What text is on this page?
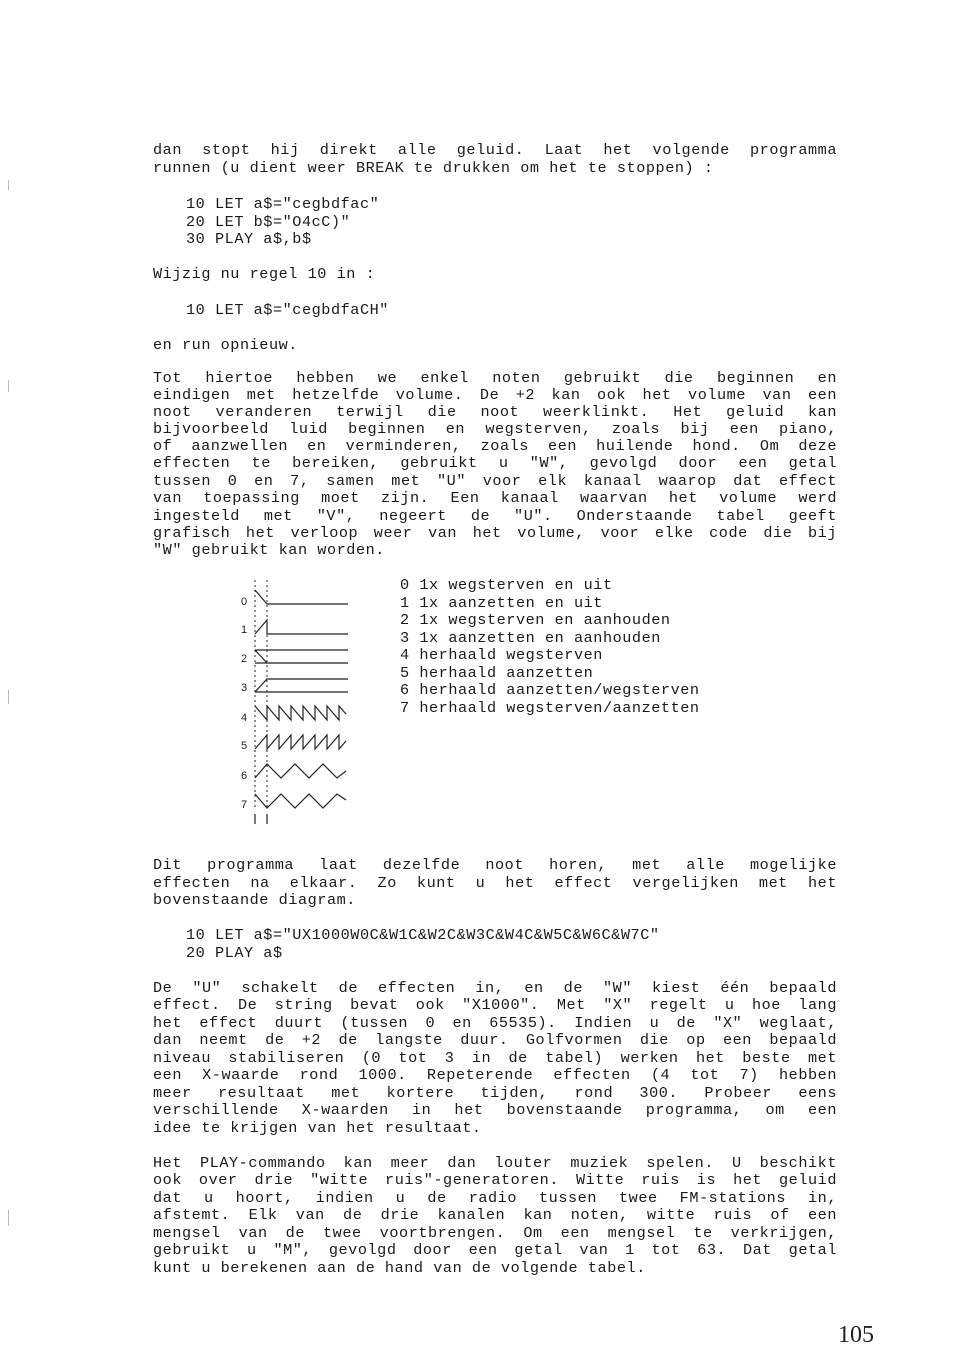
dan stopt hij direkt alle geluid. Laat het volgende programma
runnen (u dient weer BREAK te drukken om het te stoppen) :
10 LET a$="cegbdfac"
20 LET b$="O4cC)"
30 PLAY a$,b$
Wijzig nu regel 10 in :
10 LET a$="cegbdfaCH"
en run opnieuw.
Tot hiertoe hebben we enkel noten gebruikt die beginnen en
eindigen met hetzelfde volume. De +2 kan ook het volume van een
noot veranderen terwijl die noot weerklinkt. Het geluid kan
bijvoorbeeld luid beginnen en wegsterven, zoals bij een piano,
of aanzwellen en verminderen, zoals een huilende hond. Om deze
effecten te bereiken, gebruikt u "W", gevolgd door een getal
tussen 0 en 7, samen met "U" voor elk kanaal waarop dat effect
van toepassing moet zijn. Een kanaal waarvan het volume werd
ingesteld met "V", negeert de "U". Onderstaande tabel geeft
grafisch het verloop weer van het volume, voor elke code die bij
"W" gebruikt kan worden.
0
1
2
3
4
5
6
7
0 1x wegsterven en uit
1 1x aanzetten en uit
2 1x wegsterven en aanhouden
3 1x aanzetten en aanhouden
4 herhaald wegsterven
5 herhaald aanzetten
6 herhaald aanzetten/wegsterven
7 herhaald wegsterven/aanzetten
Dit programma laat dezelfde noot horen, met alle mogelijke
effecten na elkaar. Zo kunt u het effect vergelijken met het
bovenstaande diagram.
10 LET a$="UX1000W0C&W1C&W2C&W3C&W4C&W5C&W6C&W7C"
20 PLAY a$
De "U" schakelt de effecten in, en de "W" kiest één bepaald
effect. De string bevat ook "X1000". Met "X" regelt u hoe lang
het effect duurt (tussen 0 en 65535). Indien u de "X" weglaat,
dan neemt de +2 de langste duur. Golfvormen die op een bepaald
niveau stabiliseren (0 tot 3 in de tabel) werken het beste met
een X-waarde rond 1000. Repeterende effecten (4 tot 7) hebben
meer resultaat met kortere tijden, rond 300. Probeer eens
verschillende X-waarden in het bovenstaande programma, om een
idee te krijgen van het resultaat.
Het PLAY-commando kan meer dan louter muziek spelen. U beschikt
ook over drie "witte ruis"-generatoren. Witte ruis is het geluid
dat u hoort, indien u de radio tussen twee FM-stations in,
afstemt. Elk van de drie kanalen kan noten, witte ruis of een
mengsel van de twee voortbrengen. Om een mengsel te verkrijgen,
gebruikt u "M", gevolgd door een getal van 1 tot 63. Dat getal
kunt u berekenen aan de hand van de volgende tabel.
105
